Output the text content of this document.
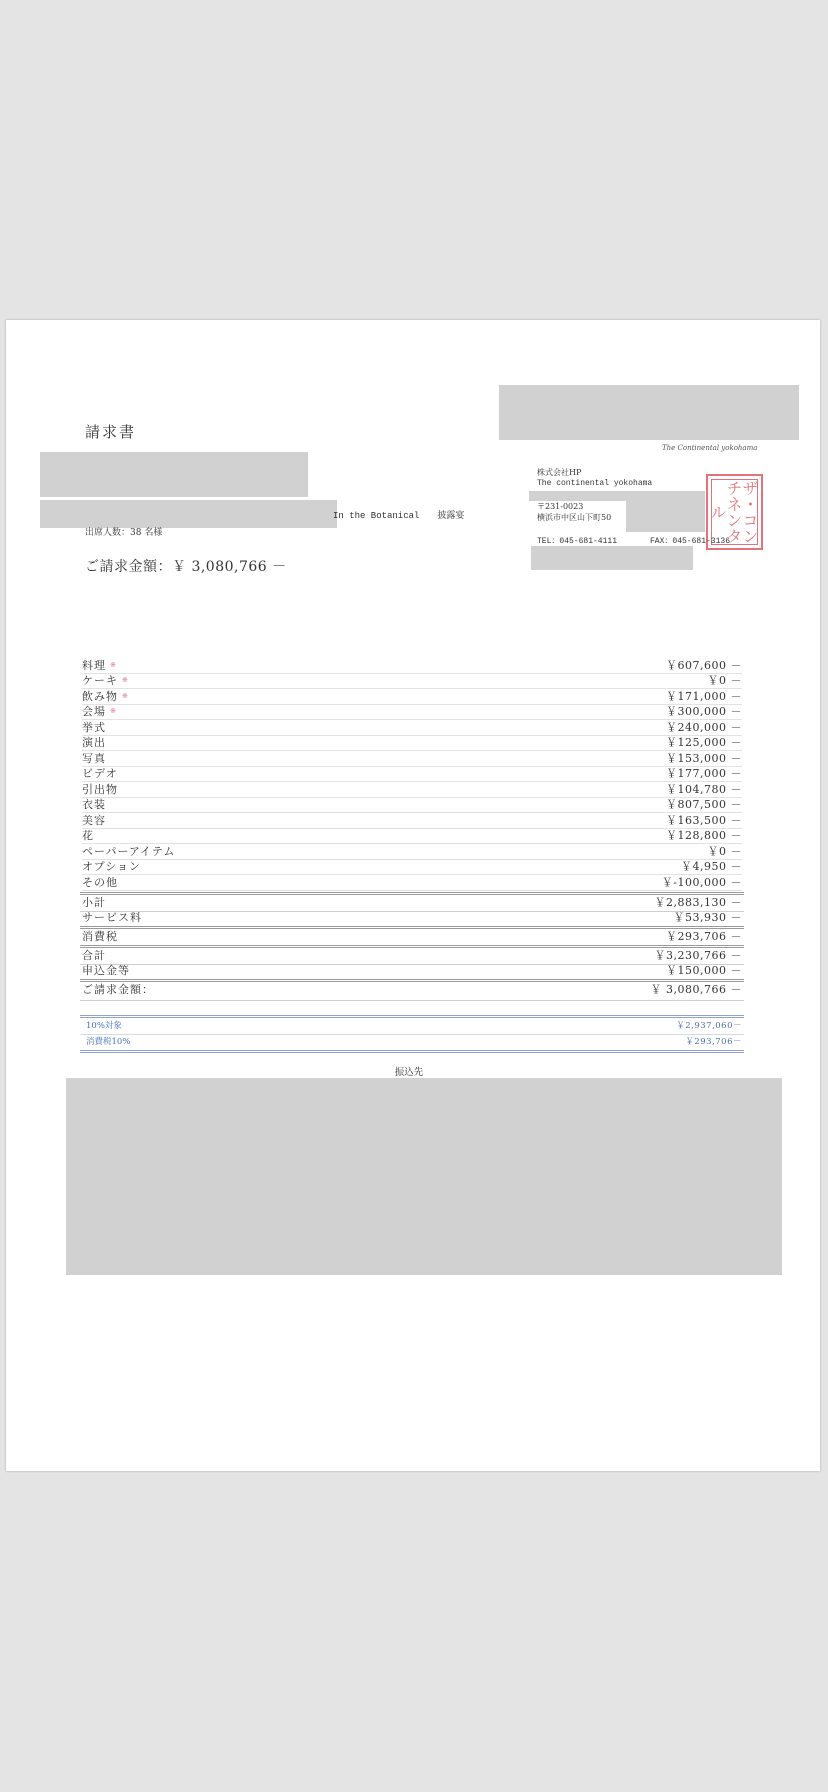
請求書
The Continental yokohama
In the Botanical 披露宴
出席人数：38 名様
ご請求金額：￥ 3,080,766 －
株式会社HP
The continental yokohama
〒231-0023
横浜市中区山下町50	ザ・コンチネンタル
TEL：045-681-4111	FAX：045-681-3136
料理 ※	￥607,600 －
ケーキ ※	￥0 －
飲み物 ※	￥171,000 －
会場 ※	￥300,000 －
挙式	￥240,000 －
演出	￥125,000 －
写真	￥153,000 －
ビデオ	￥177,000 －
引出物	￥104,780 －
衣装	￥807,500 －
美容	￥163,500 －
花	￥128,800 －
ペーパーアイテム	￥0 －
オプション	￥4,950 －
その他	￥-100,000 －
小計	￥2,883,130 －
サービス料	￥53,930 －
消費税	￥293,706 －
合計	￥3,230,766 －
申込金等	￥150,000 －
ご請求金額：	￥ 3,080,766 －
10%対象	￥2,937,060－
消費税10%	￥293,706－
振込先
